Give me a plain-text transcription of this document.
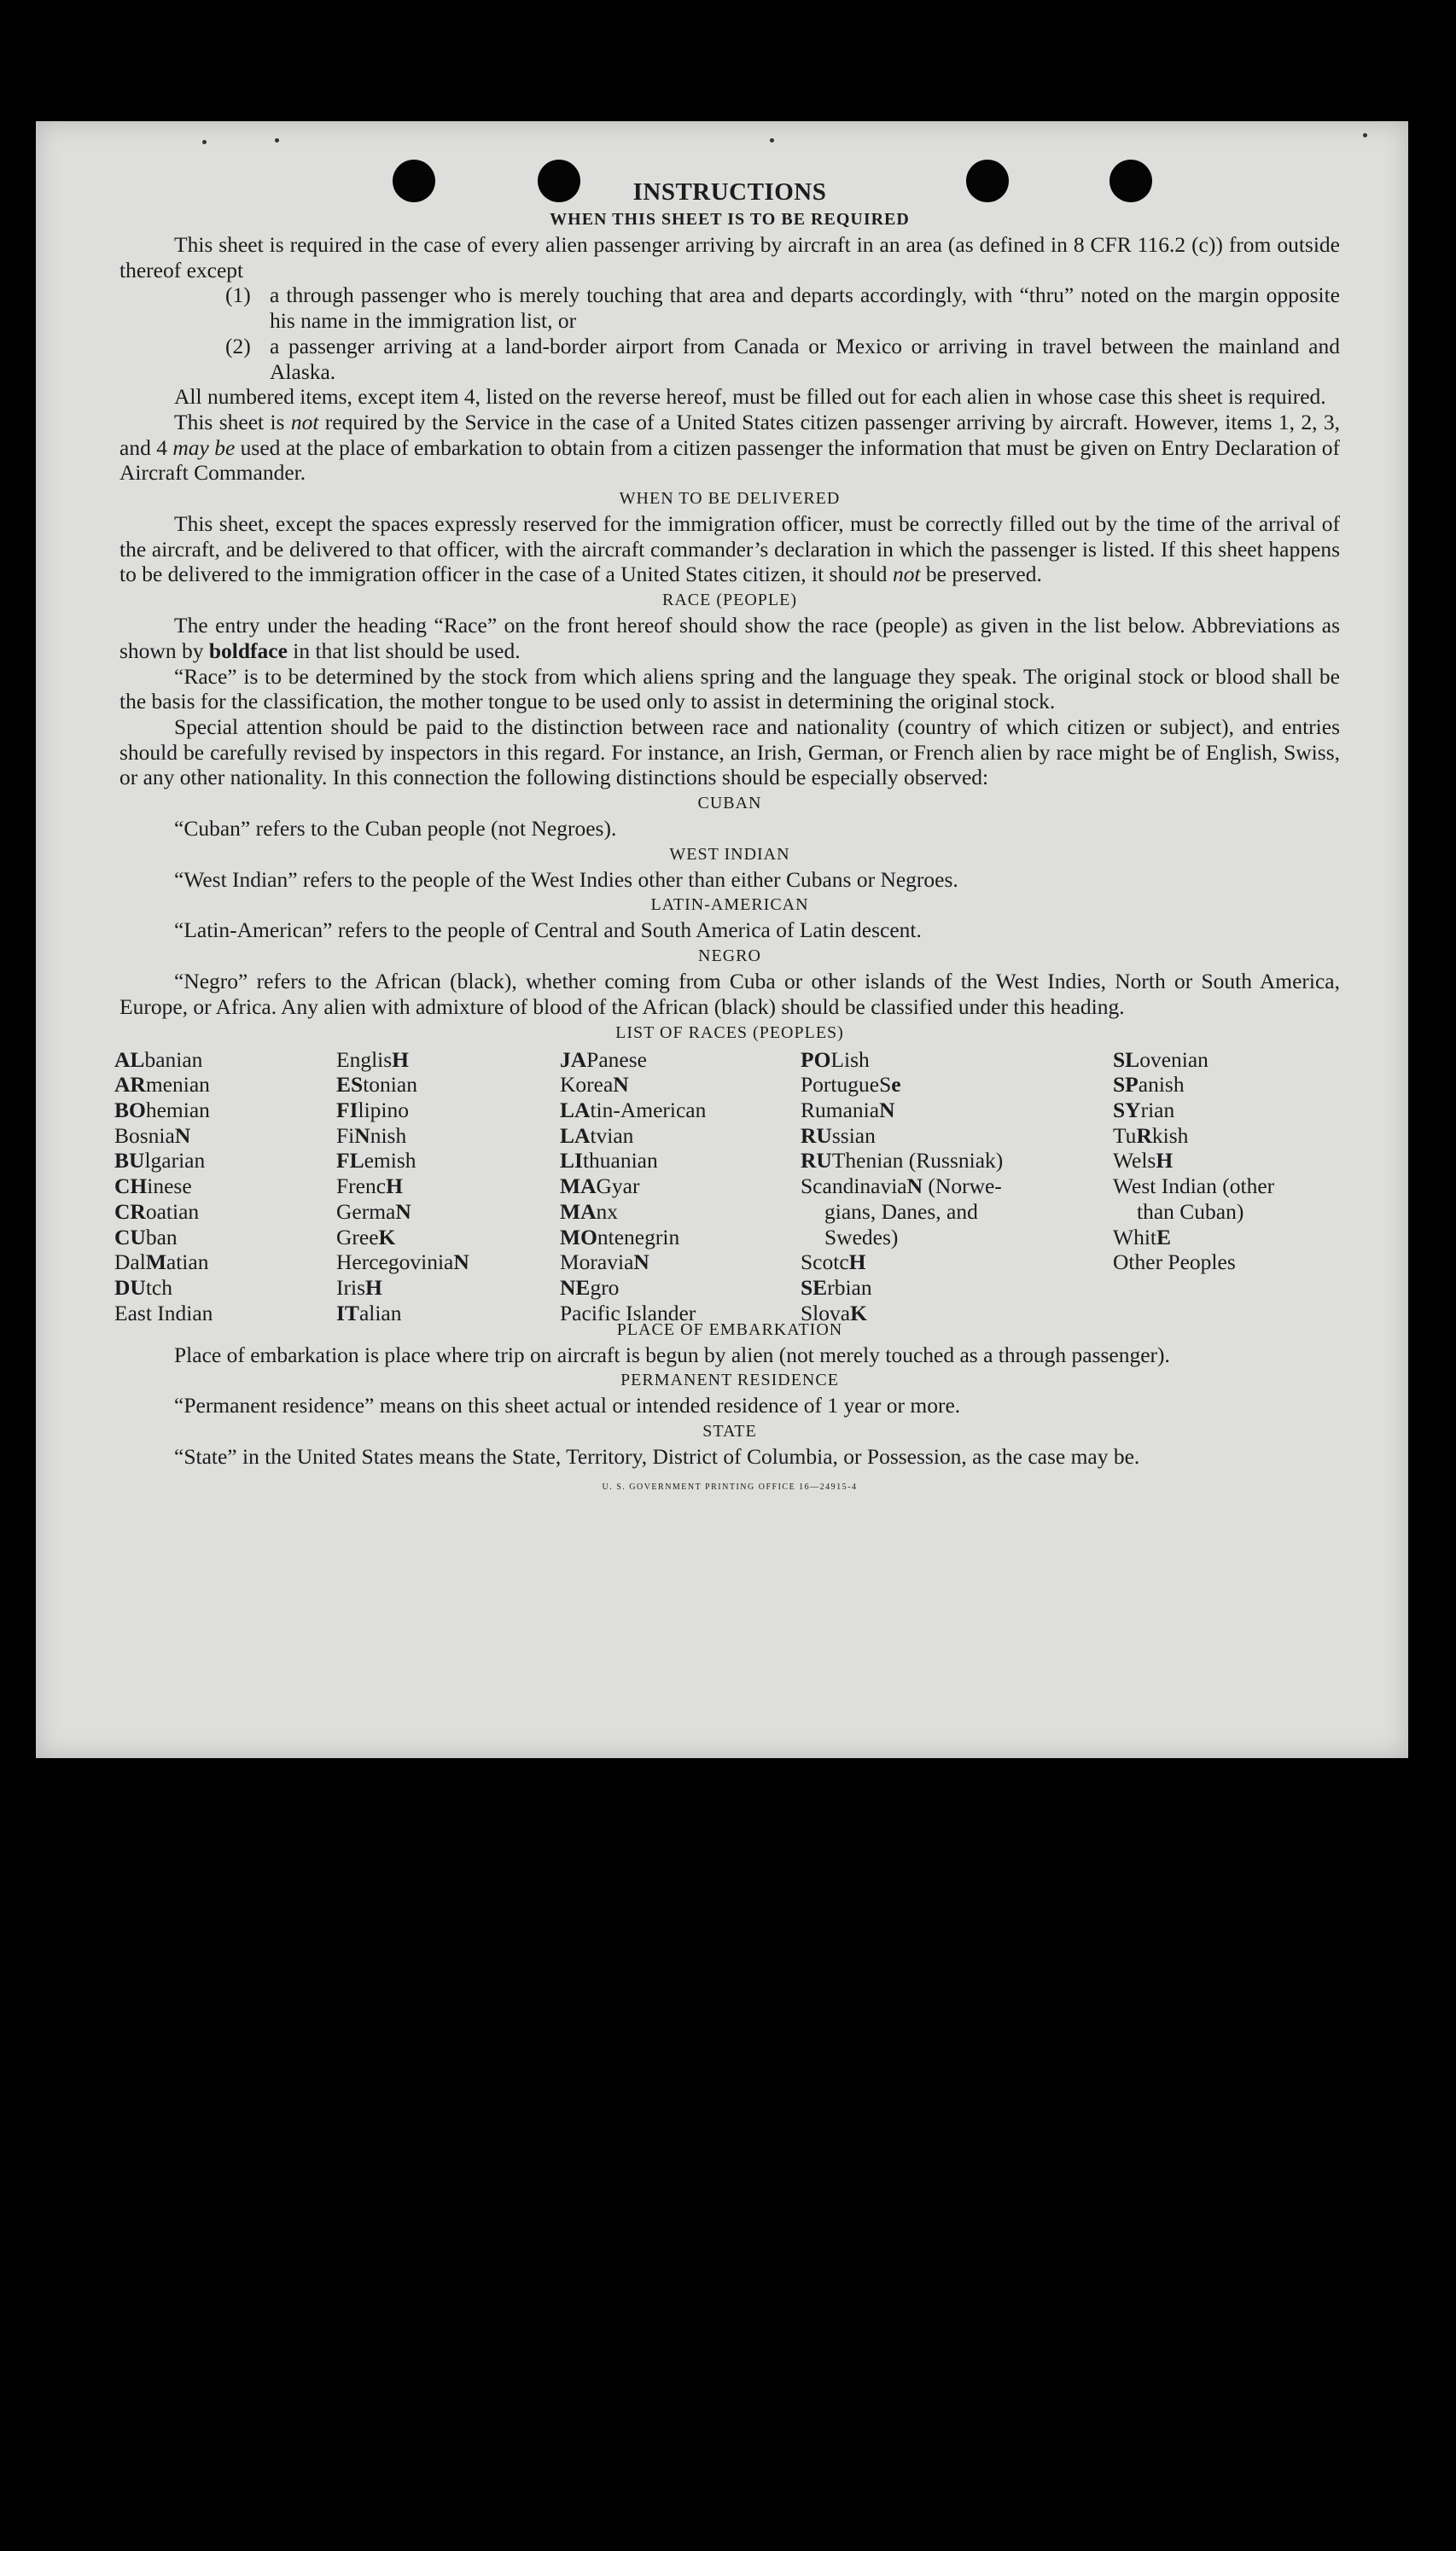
INSTRUCTIONS
WHEN THIS SHEET IS TO BE REQUIRED

This sheet is required in the case of every alien passenger arriving by aircraft in an area (as defined in 8 CFR 116.2 (c)) from outside thereof except

(1) a through passenger who is merely touching that area and departs accordingly, with “thru” noted on the margin opposite his name in the immigration list, or
(2) a passenger arriving at a land-border airport from Canada or Mexico or arriving in travel between the mainland and Alaska.

All numbered items, except item 4, listed on the reverse hereof, must be filled out for each alien in whose case this sheet is required.

This sheet is not required by the Service in the case of a United States citizen passenger arriving by aircraft. However, items 1, 2, 3, and 4 may be used at the place of embarkation to obtain from a citizen passenger the information that must be given on Entry Declaration of Aircraft Commander.

WHEN TO BE DELIVERED

This sheet, except the spaces expressly reserved for the immigration officer, must be correctly filled out by the time of the arrival of the aircraft, and be delivered to that officer, with the aircraft commander’s declaration in which the passenger is listed. If this sheet happens to be delivered to the immigration officer in the case of a United States citizen, it should not be preserved.

RACE (PEOPLE)

The entry under the heading “Race” on the front hereof should show the race (people) as given in the list below. Abbreviations as shown by boldface in that list should be used.

“Race” is to be determined by the stock from which aliens spring and the language they speak. The original stock or blood shall be the basis for the classification, the mother tongue to be used only to assist in determining the original stock.

Special attention should be paid to the distinction between race and nationality (country of which citizen or subject), and entries should be carefully revised by inspectors in this regard. For instance, an Irish, German, or French alien by race might be of English, Swiss, or any other nationality. In this connection the following distinctions should be especially observed:

CUBAN

“Cuban” refers to the Cuban people (not Negroes).

WEST INDIAN

“West Indian” refers to the people of the West Indies other than either Cubans or Negroes.

LATIN-AMERICAN

“Latin-American” refers to the people of Central and South America of Latin descent.

NEGRO

“Negro” refers to the African (black), whether coming from Cuba or other islands of the West Indies, North or South America, Europe, or Africa. Any alien with admixture of blood of the African (black) should be classified under this heading.

LIST OF RACES (PEOPLES)
ALbanian
ARmenian
BOhemian
BosniaN
BUlgarian
CHinese
CRoatian
CUban
DalMatian
DUtch
East Indian
EnglisH
EStonian
FIlipino
FiNnish
FLemish
FrencH
GermaN
GreeK
HercegoviniaN
IrisH
ITalian
JAPanese
KoreaN
LAtin-American
LAtvian
LIthuanian
MAGyar
MAnx
MOntenegrin
MoraviaN
NEgro
Pacific Islander
POLish
PortugueSe
RumaniaN
RUssian
RUThenian (Russniak)
ScandinaviaN (Norwe-
gians, Danes, and
Swedes)
ScotcH
SErbian
SlovaK
SLovenian
SPanish
SYrian
TuRkish
WelsH
West Indian (other
than Cuban)
WhitE
Other Peoples
PLACE OF EMBARKATION

Place of embarkation is place where trip on aircraft is begun by alien (not merely touched as a through passenger).

PERMANENT RESIDENCE

“Permanent residence” means on this sheet actual or intended residence of 1 year or more.

STATE

“State” in the United States means the State, Territory, District of Columbia, or Possession, as the case may be.

U. S. GOVERNMENT PRINTING OFFICE 16—24915-4
